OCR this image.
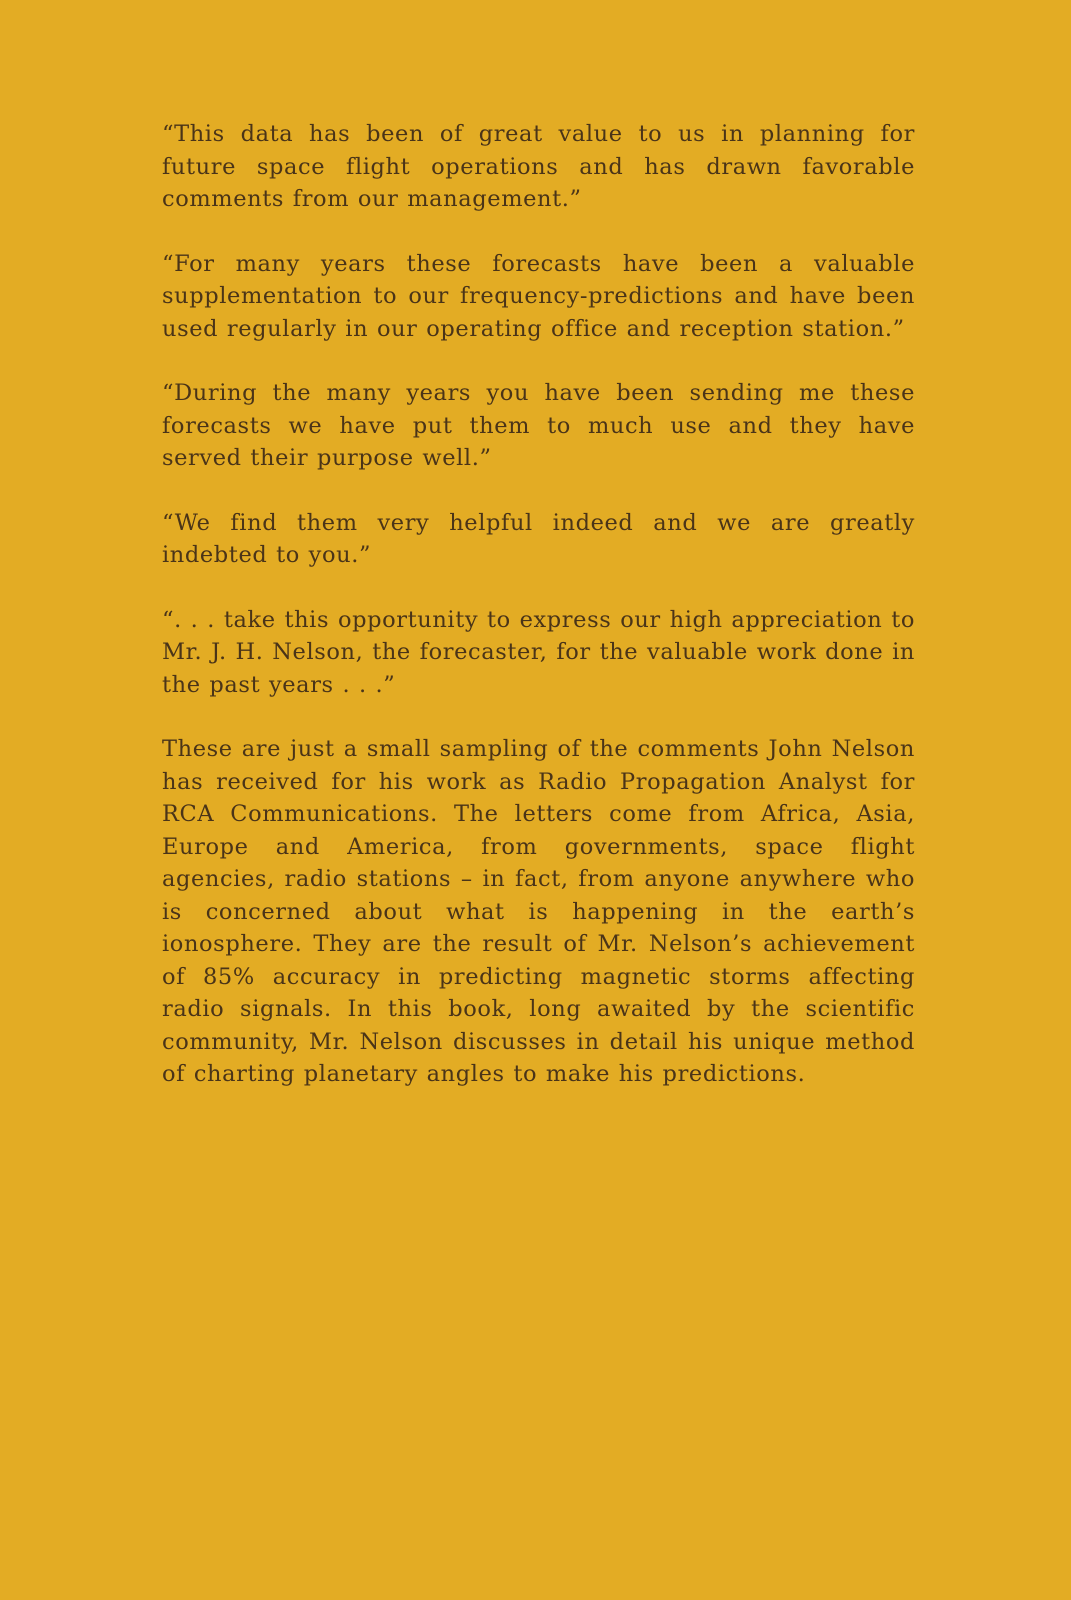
“This data has been of great value to us in planning for future space flight operations and has drawn favorable comments from our management.”

“For many years these forecasts have been a valuable supplementation to our frequency-predictions and have been used regularly in our operating office and reception station.”

“During the many years you have been sending me these forecasts we have put them to much use and they have served their purpose well.”

“We find them very helpful indeed and we are greatly indebted to you.”

“. . . take this opportunity to express our high appreciation to Mr. J. H. Nelson, the forecaster, for the valuable work done in the past years . . .”

These are just a small sampling of the comments John Nelson has received for his work as Radio Propagation Analyst for RCA Communications. The letters come from Africa, Asia, Europe and America, from governments, space flight agencies, radio stations – in fact, from anyone anywhere who is concerned about what is happening in the earth’s ionosphere. They are the result of Mr. Nelson’s achievement of 85% accuracy in predicting magnetic storms affecting radio signals. In this book, long awaited by the scientific community, Mr. Nelson discusses in detail his unique method of charting planetary angles to make his predictions.
